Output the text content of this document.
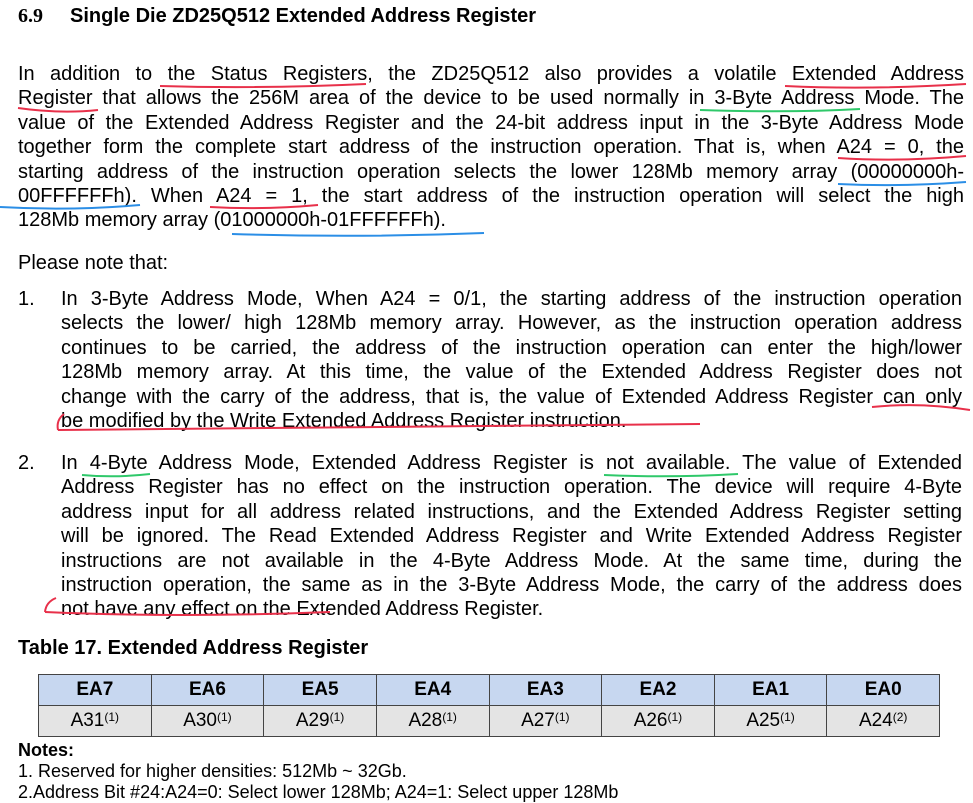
6.9 Single Die ZD25Q512 Extended Address Register
In addition to the Status Registers, the ZD25Q512 also provides a volatile Extended Address
Register that allows the 256M area of the device to be used normally in 3-Byte Address Mode. The
value of the Extended Address Register and the 24-bit address input in the 3-Byte Address Mode
together form the complete start address of the instruction operation. That is, when A24 = 0, the
starting address of the instruction operation selects the lower 128Mb memory array (00000000h-
00FFFFFFh). When A24 = 1, the start address of the instruction operation will select the high
128Mb memory array (01000000h-01FFFFFFh).
Please note that:
1. In 3-Byte Address Mode, When A24 = 0/1, the starting address of the instruction operation
selects the lower/ high 128Mb memory array. However, as the instruction operation address
continues to be carried, the address of the instruction operation can enter the high/lower
128Mb memory array. At this time, the value of the Extended Address Register does not
change with the carry of the address, that is, the value of Extended Address Register can only
be modified by the Write Extended Address Register instruction.
2. In 4-Byte Address Mode, Extended Address Register is not available. The value of Extended
Address Register has no effect on the instruction operation. The device will require 4-Byte
address input for all address related instructions, and the Extended Address Register setting
will be ignored. The Read Extended Address Register and Write Extended Address Register
instructions are not available in the 4-Byte Address Mode. At the same time, during the
instruction operation, the same as in the 3-Byte Address Mode, the carry of the address does
not have any effect on the Extended Address Register.
Table 17. Extended Address Register
EA7	EA6	EA5	EA4	EA3	EA2	EA1	EA0
A31$^{(1)}$	A30$^{(1)}$	A29$^{(1)}$	A28$^{(1)}$	A27$^{(1)}$	A26$^{(1)}$	A25$^{(1)}$	A24$^{(2)}$
Notes:
1. Reserved for higher densities: 512Mb ~ 32Gb.
2.Address Bit #24:A24=0: Select lower 128Mb; A24=1: Select upper 128Mb
